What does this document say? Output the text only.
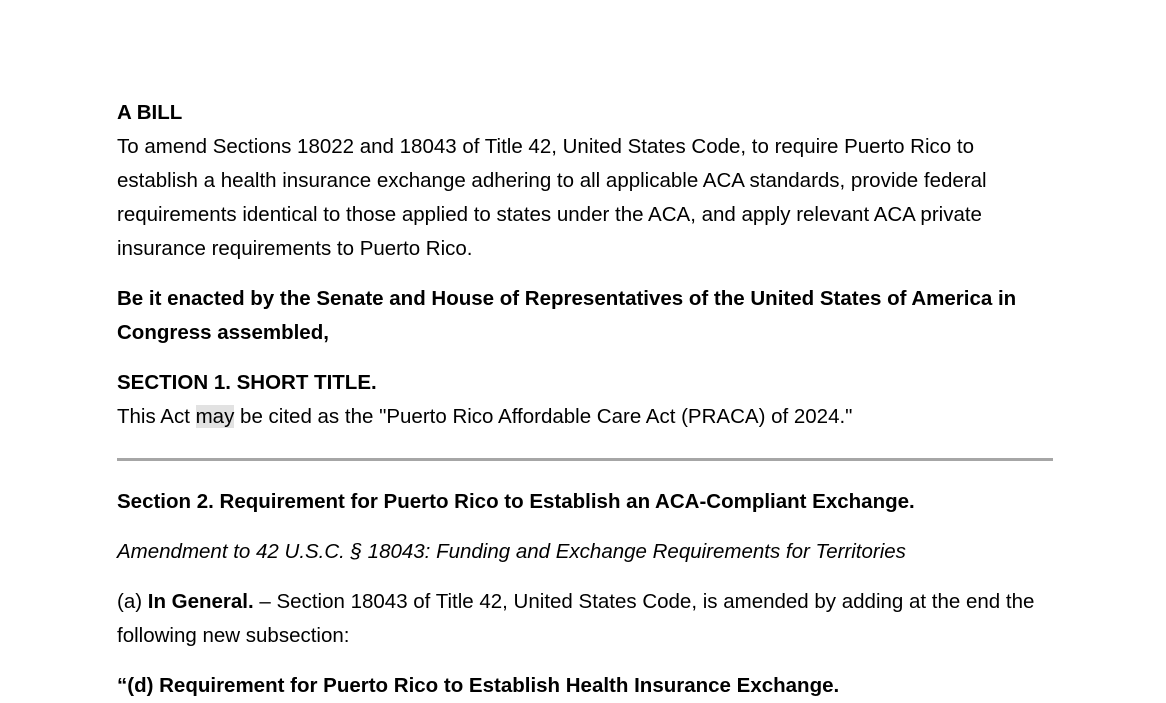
A BILL
To amend Sections 18022 and 18043 of Title 42, United States Code, to require Puerto Rico to establish a health insurance exchange adhering to all applicable ACA standards, provide federal requirements identical to those applied to states under the ACA, and apply relevant ACA private insurance requirements to Puerto Rico.
Be it enacted by the Senate and House of Representatives of the United States of America in Congress assembled,
SECTION 1. SHORT TITLE.
This Act may be cited as the "Puerto Rico Affordable Care Act (PRACA) of 2024."
Section 2. Requirement for Puerto Rico to Establish an ACA-Compliant Exchange.
Amendment to 42 U.S.C. § 18043: Funding and Exchange Requirements for Territories
(a) In General. – Section 18043 of Title 42, United States Code, is amended by adding at the end the following new subsection:
“(d) Requirement for Puerto Rico to Establish Health Insurance Exchange.
